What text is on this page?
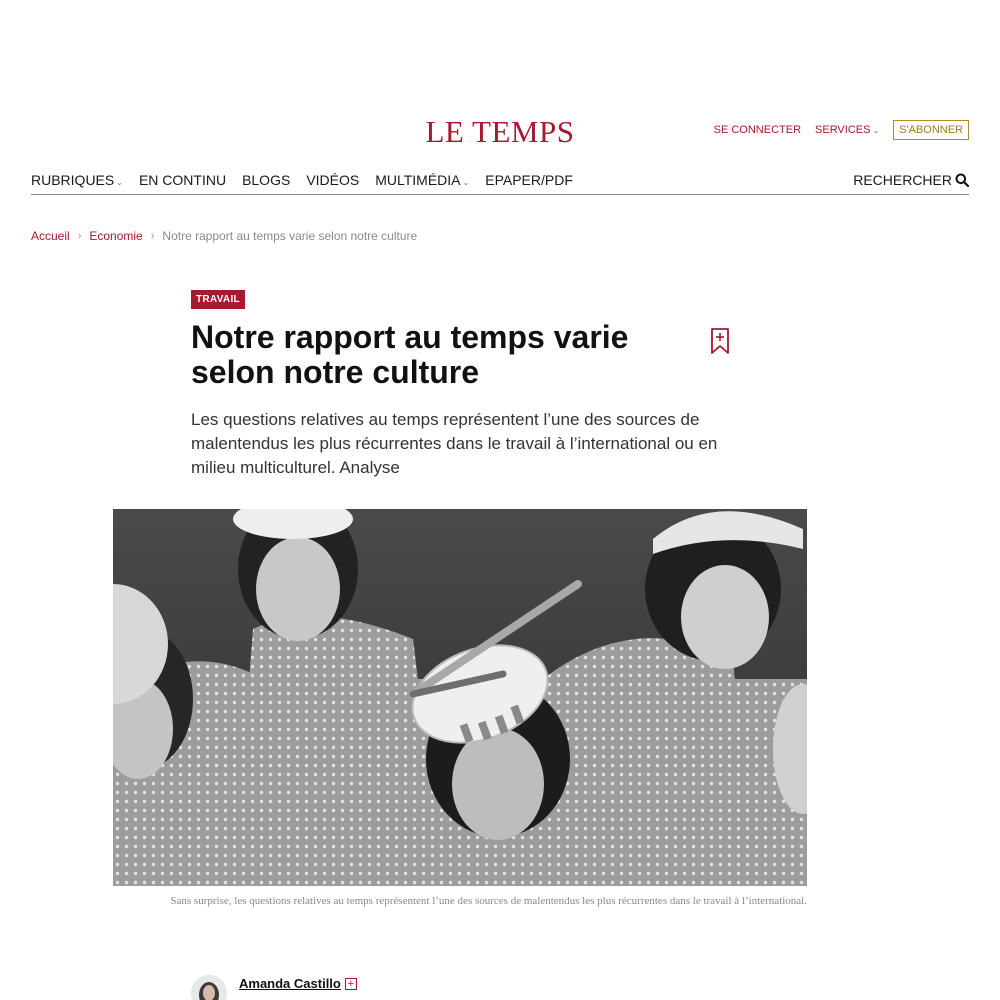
LE TEMPS	SE CONNECTER SERVICES ⌄	S'ABONNER
RUBRIQUES ⌄ EN CONTINU BLOGS VIDÉOS MULTIMÉDIA ⌄ EPAPER/PDF	RECHERCHER
Accueil › Economie › Notre rapport au temps varie selon notre culture
TRAVAIL
Notre rapport au temps varie selon notre culture

Les questions relatives au temps représentent l’une des sources de malentendus les plus récurrentes dans le travail à l’international ou en milieu multiculturel. Analyse

Sans surprise, les questions relatives au temps représentent l’une des sources de malentendus les plus récurrentes dans le travail à l’international.

Amanda Castillo +
